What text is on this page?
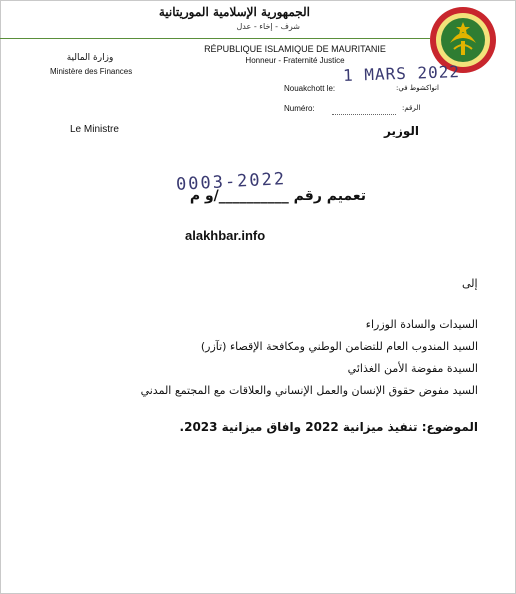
الجمهورية الإسلامية الموريتانية
شرف - إخاء - عدل
RÉPUBLIQUE ISLAMIQUE DE MAURITANIE
Honneur - Fraternité Justice
وزارة المالية
Ministère des Finances
Nouakchott le:	انواكشوط في:
1 MARS 2022
Numéro:	الرقم:
Le Ministre	الوزير
0003-2022
تعميم رقم __________/و م
alakhbar.info
إلى
السيدات والسادة الوزراء
السيد المندوب العام للتضامن الوطني ومكافحة الإقصاء (تآزر)
السيدة مفوضة الأمن الغذائي
السيد مفوض حقوق الإنسان والعمل الإنساني والعلاقات مع المجتمع المدني
الموضوع: تنفيذ ميزانية 2022 وافاق ميزانية 2023.
